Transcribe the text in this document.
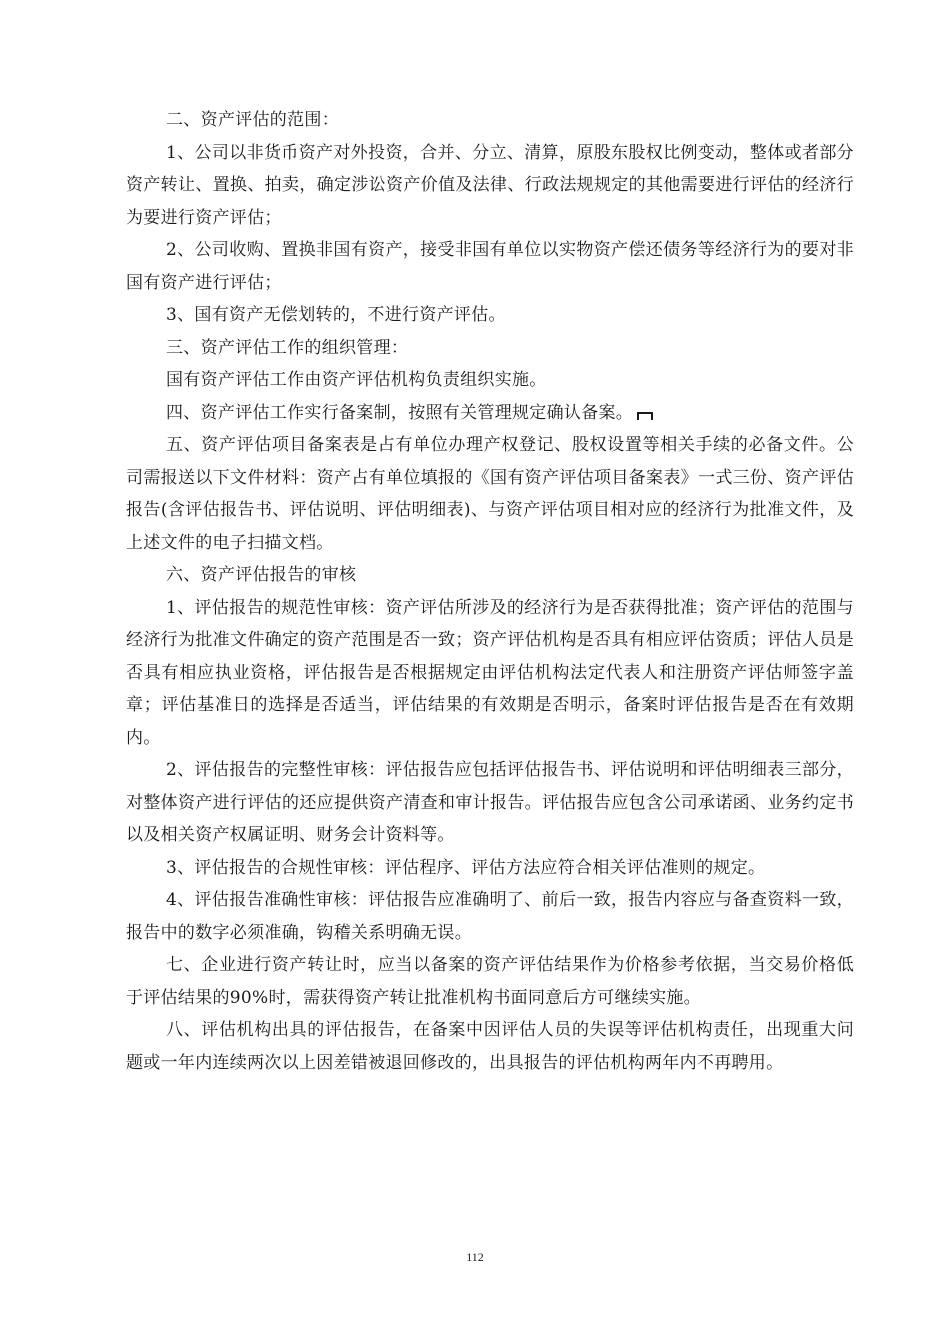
二、资产评估的范围：

1、公司以非货币资产对外投资，合并、分立、清算，原股东股权比例变动，整体或者部分资产转让、置换、拍卖，确定涉讼资产价值及法律、行政法规规定的其他需要进行评估的经济行为要进行资产评估；

2、公司收购、置换非国有资产，接受非国有单位以实物资产偿还债务等经济行为的要对非国有资产进行评估；

3、国有资产无偿划转的，不进行资产评估。

三、资产评估工作的组织管理：

国有资产评估工作由资产评估机构负责组织实施。

四、资产评估工作实行备案制，按照有关管理规定确认备案。

五、资产评估项目备案表是占有单位办理产权登记、股权设置等相关手续的必备文件。公司需报送以下文件材料：资产占有单位填报的《国有资产评估项目备案表》一式三份、资产评估报告(含评估报告书、评估说明、评估明细表)、与资产评估项目相对应的经济行为批准文件，及上述文件的电子扫描文档。

六、资产评估报告的审核

1、评估报告的规范性审核：资产评估所涉及的经济行为是否获得批准；资产评估的范围与经济行为批准文件确定的资产范围是否一致；资产评估机构是否具有相应评估资质；评估人员是否具有相应执业资格，评估报告是否根据规定由评估机构法定代表人和注册资产评估师签字盖章；评估基准日的选择是否适当，评估结果的有效期是否明示，备案时评估报告是否在有效期内。

2、评估报告的完整性审核：评估报告应包括评估报告书、评估说明和评估明细表三部分，对整体资产进行评估的还应提供资产清查和审计报告。评估报告应包含公司承诺函、业务约定书以及相关资产权属证明、财务会计资料等。

3、评估报告的合规性审核：评估程序、评估方法应符合相关评估准则的规定。

4、评估报告准确性审核：评估报告应准确明了、前后一致，报告内容应与备查资料一致，报告中的数字必须准确，钩稽关系明确无误。

七、企业进行资产转让时，应当以备案的资产评估结果作为价格参考依据，当交易价格低于评估结果的90%时，需获得资产转让批准机构书面同意后方可继续实施。

八、评估机构出具的评估报告，在备案中因评估人员的失误等评估机构责任，出现重大问题或一年内连续两次以上因差错被退回修改的，出具报告的评估机构两年内不再聘用。

112
